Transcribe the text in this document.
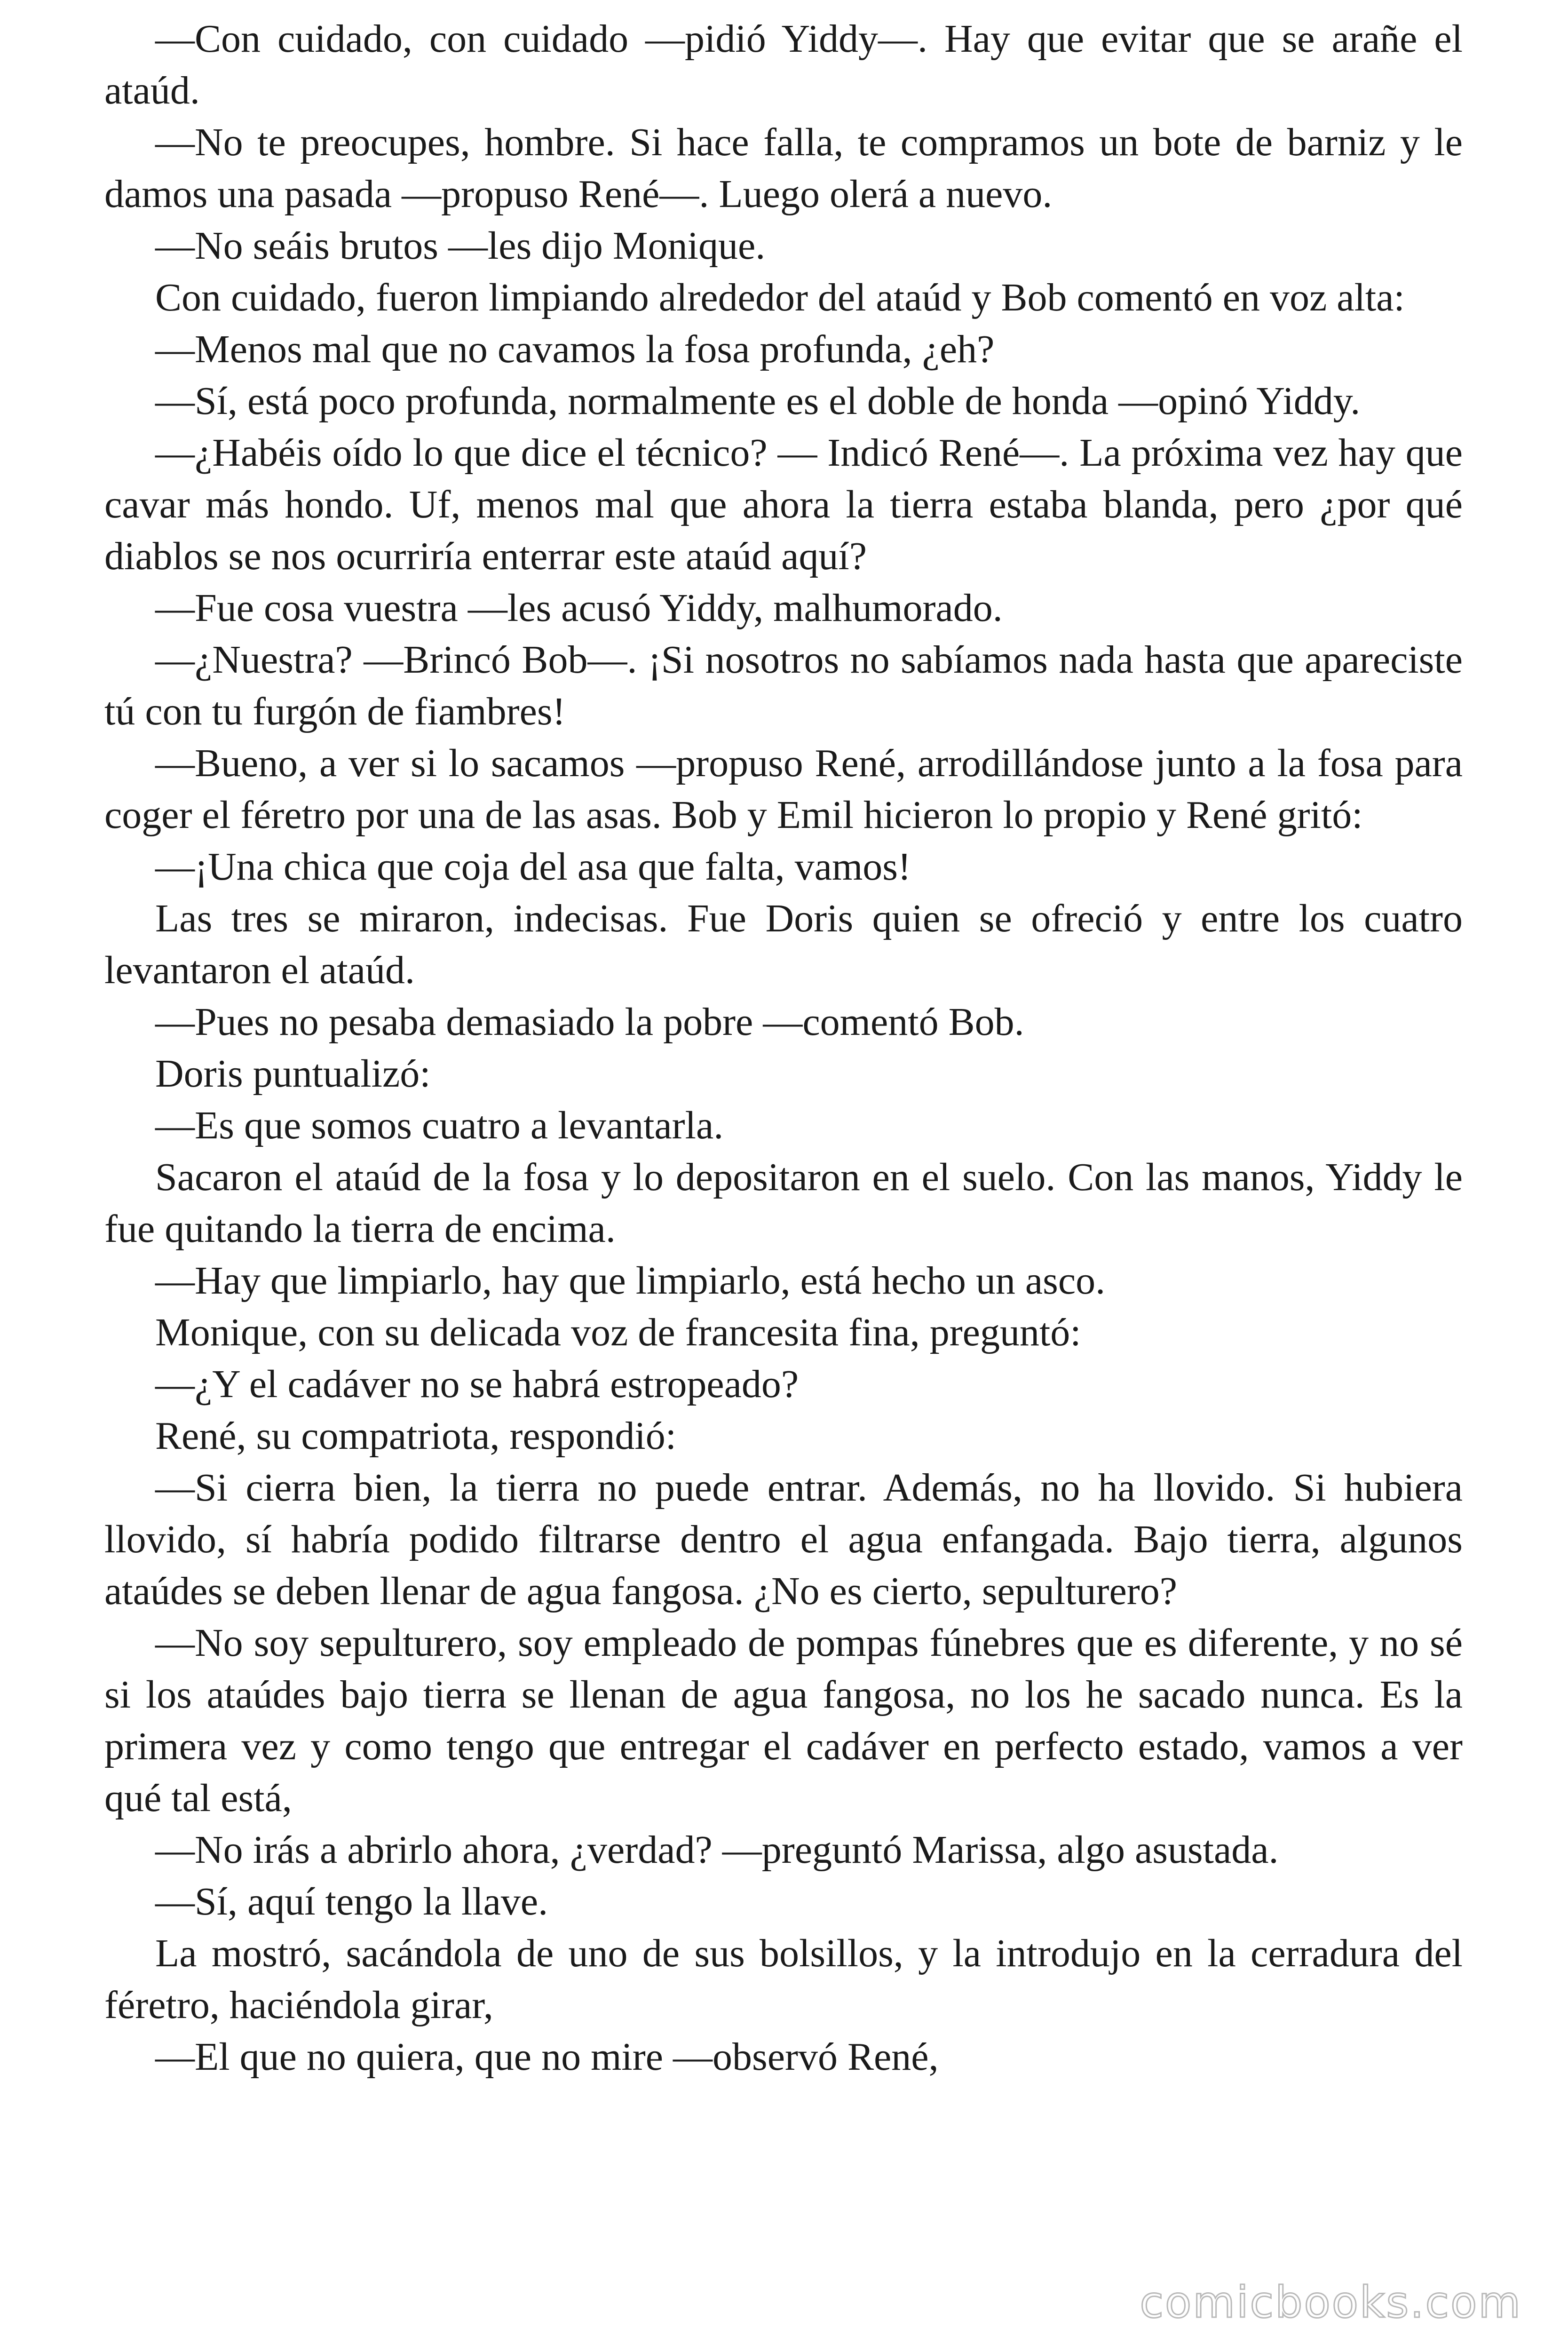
—Con cuidado, con cuidado —pidió Yiddy—. Hay que evitar que se arañe el ataúd.

—No te preocupes, hombre. Si hace falla, te compramos un bote de barniz y le damos una pasada —propuso René—. Luego olerá a nuevo.

—No seáis brutos —les dijo Monique.

Con cuidado, fueron limpiando alrededor del ataúd y Bob comentó en voz alta:

—Menos mal que no cavamos la fosa profunda, ¿eh?

—Sí, está poco profunda, normalmente es el doble de honda —opinó Yiddy.

—¿Habéis oído lo que dice el técnico? — Indicó René—. La próxima vez hay que cavar más hondo. Uf, menos mal que ahora la tierra estaba blanda, pero ¿por qué diablos se nos ocurriría enterrar este ataúd aquí?

—Fue cosa vuestra —les acusó Yiddy, malhumorado.

—¿Nuestra? —Brincó Bob—. ¡Si nosotros no sabíamos nada hasta que apareciste tú con tu furgón de fiambres!

—Bueno, a ver si lo sacamos —propuso René, arrodillándose junto a la fosa para coger el féretro por una de las asas. Bob y Emil hicieron lo propio y René gritó:

—¡Una chica que coja del asa que falta, vamos!

Las tres se miraron, indecisas. Fue Doris quien se ofreció y entre los cuatro levantaron el ataúd.

—Pues no pesaba demasiado la pobre —comentó Bob.

Doris puntualizó:

—Es que somos cuatro a levantarla.

Sacaron el ataúd de la fosa y lo depositaron en el suelo. Con las manos, Yiddy le fue quitando la tierra de encima.

—Hay que limpiarlo, hay que limpiarlo, está hecho un asco.

Monique, con su delicada voz de francesita fina, preguntó:

—¿Y el cadáver no se habrá estropeado?

René, su compatriota, respondió:

—Si cierra bien, la tierra no puede entrar. Además, no ha llovido. Si hubiera llovido, sí habría podido filtrarse dentro el agua enfangada. Bajo tierra, algunos ataúdes se deben llenar de agua fangosa. ¿No es cierto, sepulturero?

—No soy sepulturero, soy empleado de pompas fúnebres que es diferente, y no sé si los ataúdes bajo tierra se llenan de agua fangosa, no los he sacado nunca. Es la primera vez y como tengo que entregar el cadáver en perfecto estado, vamos a ver qué tal está,

—No irás a abrirlo ahora, ¿verdad? —preguntó Marissa, algo asustada.

—Sí, aquí tengo la llave.

La mostró, sacándola de uno de sus bolsillos, y la introdujo en la cerradura del féretro, haciéndola girar,

—El que no quiera, que no mire —observó René,

comicbooks.com
